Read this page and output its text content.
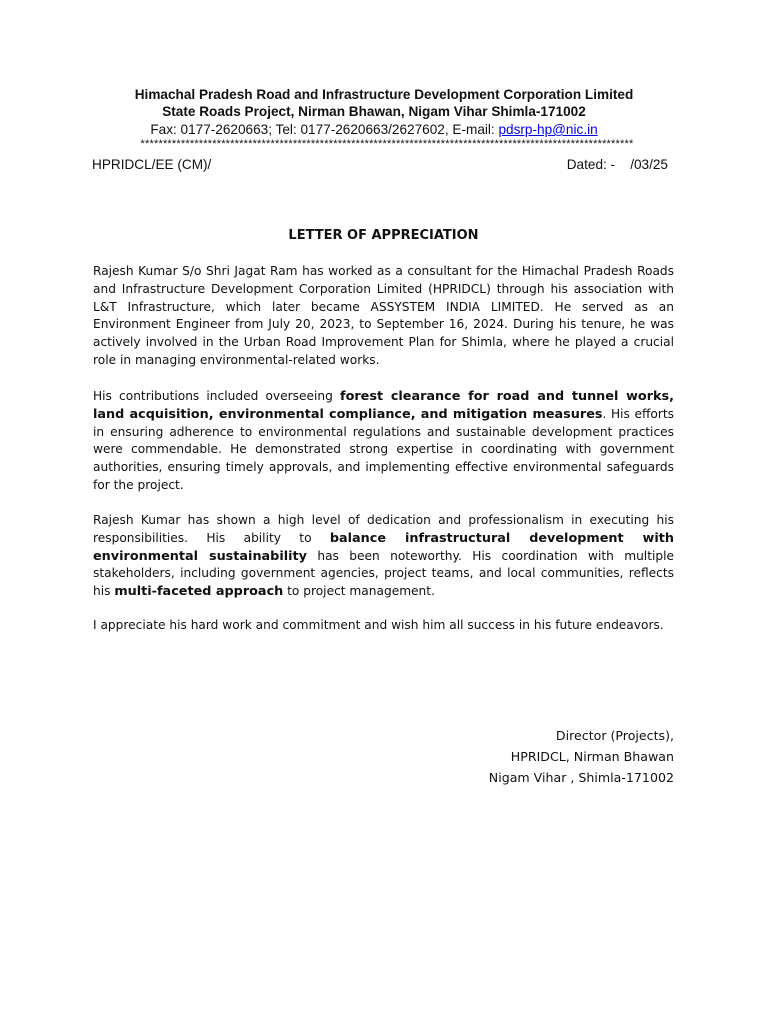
Himachal Pradesh Road and Infrastructure Development Corporation Limited
State Roads Project, Nirman Bhawan, Nigam Vihar Shimla-171002
Fax: 0177-2620663; Tel: 0177-2620663/2627602, E-mail: pdsrp-hp@nic.in
**************************************************************************************************************
HPRIDCL/EE (CM)/	Dated: -    /03/25
LETTER OF APPRECIATION

Rajesh Kumar S/o Shri Jagat Ram has worked as a consultant for the Himachal Pradesh Roads and Infrastructure Development Corporation Limited (HPRIDCL) through his association with L&T Infrastructure, which later became ASSYSTEM INDIA LIMITED. He served as an Environment Engineer from July 20, 2023, to September 16, 2024. During his tenure, he was actively involved in the Urban Road Improvement Plan for Shimla, where he played a crucial role in managing environmental-related works.

His contributions included overseeing forest clearance for road and tunnel works, land acquisition, environmental compliance, and mitigation measures. His efforts in ensuring adherence to environmental regulations and sustainable development practices were commendable. He demonstrated strong expertise in coordinating with government authorities, ensuring timely approvals, and implementing effective environmental safeguards for the project.

Rajesh Kumar has shown a high level of dedication and professionalism in executing his responsibilities. His ability to balance infrastructural development with environmental sustainability has been noteworthy. His coordination with multiple stakeholders, including government agencies, project teams, and local communities, reflects his multi-faceted approach to project management.

I appreciate his hard work and commitment and wish him all success in his future endeavors.

Director (Projects),
HPRIDCL, Nirman Bhawan
Nigam Vihar , Shimla-171002
